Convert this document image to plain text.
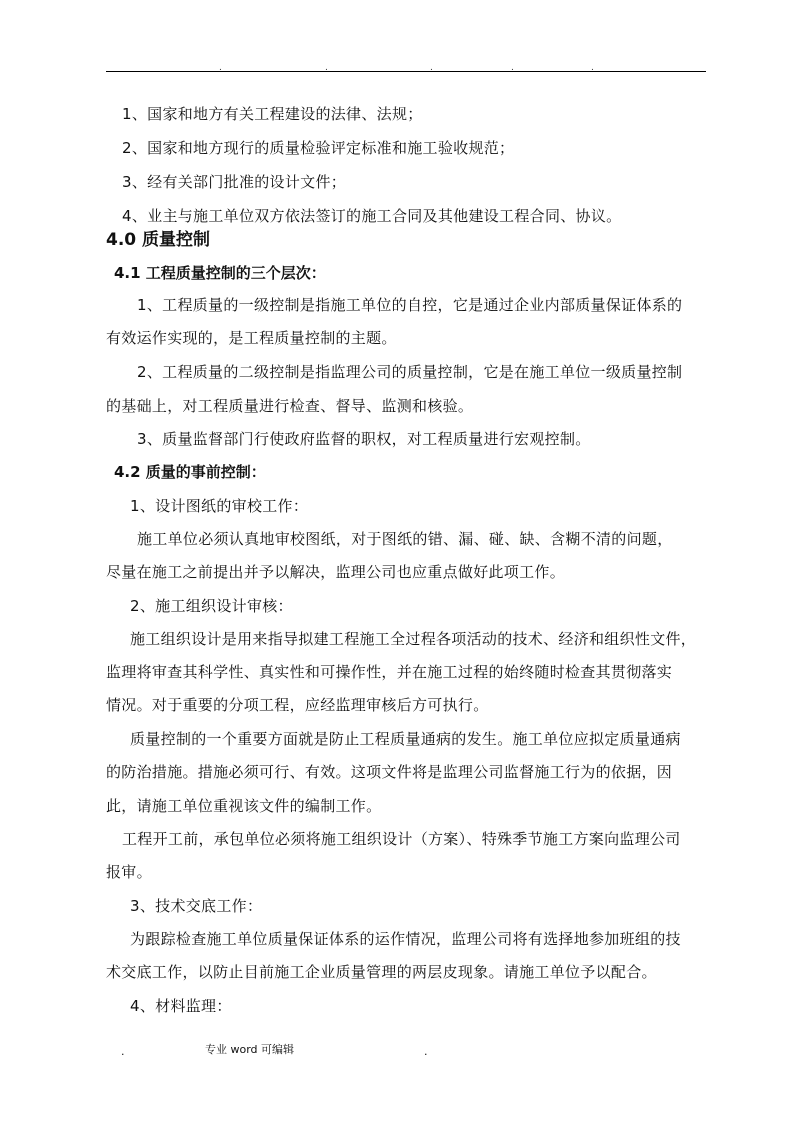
.	.	.	.	.
1、国家和地方有关工程建设的法律、法规；
2、国家和地方现行的质量检验评定标准和施工验收规范；
3、经有关部门批准的设计文件；
4、业主与施工单位双方依法签订的施工合同及其他建设工程合同、协议。
4.0 质量控制
4.1 工程质量控制的三个层次：
1、工程质量的一级控制是指施工单位的自控，它是通过企业内部质量保证体系的
有效运作实现的，是工程质量控制的主题。
2、工程质量的二级控制是指监理公司的质量控制，它是在施工单位一级质量控制
的基础上，对工程质量进行检查、督导、监测和核验。
3、质量监督部门行使政府监督的职权，对工程质量进行宏观控制。
4.2 质量的事前控制：
1、设计图纸的审校工作：
施工单位必须认真地审校图纸，对于图纸的错、漏、碰、缺、含糊不清的问题，
尽量在施工之前提出并予以解决，监理公司也应重点做好此项工作。
2、施工组织设计审核：
施工组织设计是用来指导拟建工程施工全过程各项活动的技术、经济和组织性文件，
监理将审查其科学性、真实性和可操作性，并在施工过程的始终随时检查其贯彻落实
情况。对于重要的分项工程，应经监理审核后方可执行。
质量控制的一个重要方面就是防止工程质量通病的发生。施工单位应拟定质量通病
的防治措施。措施必须可行、有效。这项文件将是监理公司监督施工行为的依据，因
此，请施工单位重视该文件的编制工作。
工程开工前，承包单位必须将施工组织设计（方案）、特殊季节施工方案向监理公司
报审。
3、技术交底工作：
为跟踪检查施工单位质量保证体系的运作情况，监理公司将有选择地参加班组的技
术交底工作，以防止目前施工企业质量管理的两层皮现象。请施工单位予以配合。
4、材料监理：
.	专业 word 可编辑	.
